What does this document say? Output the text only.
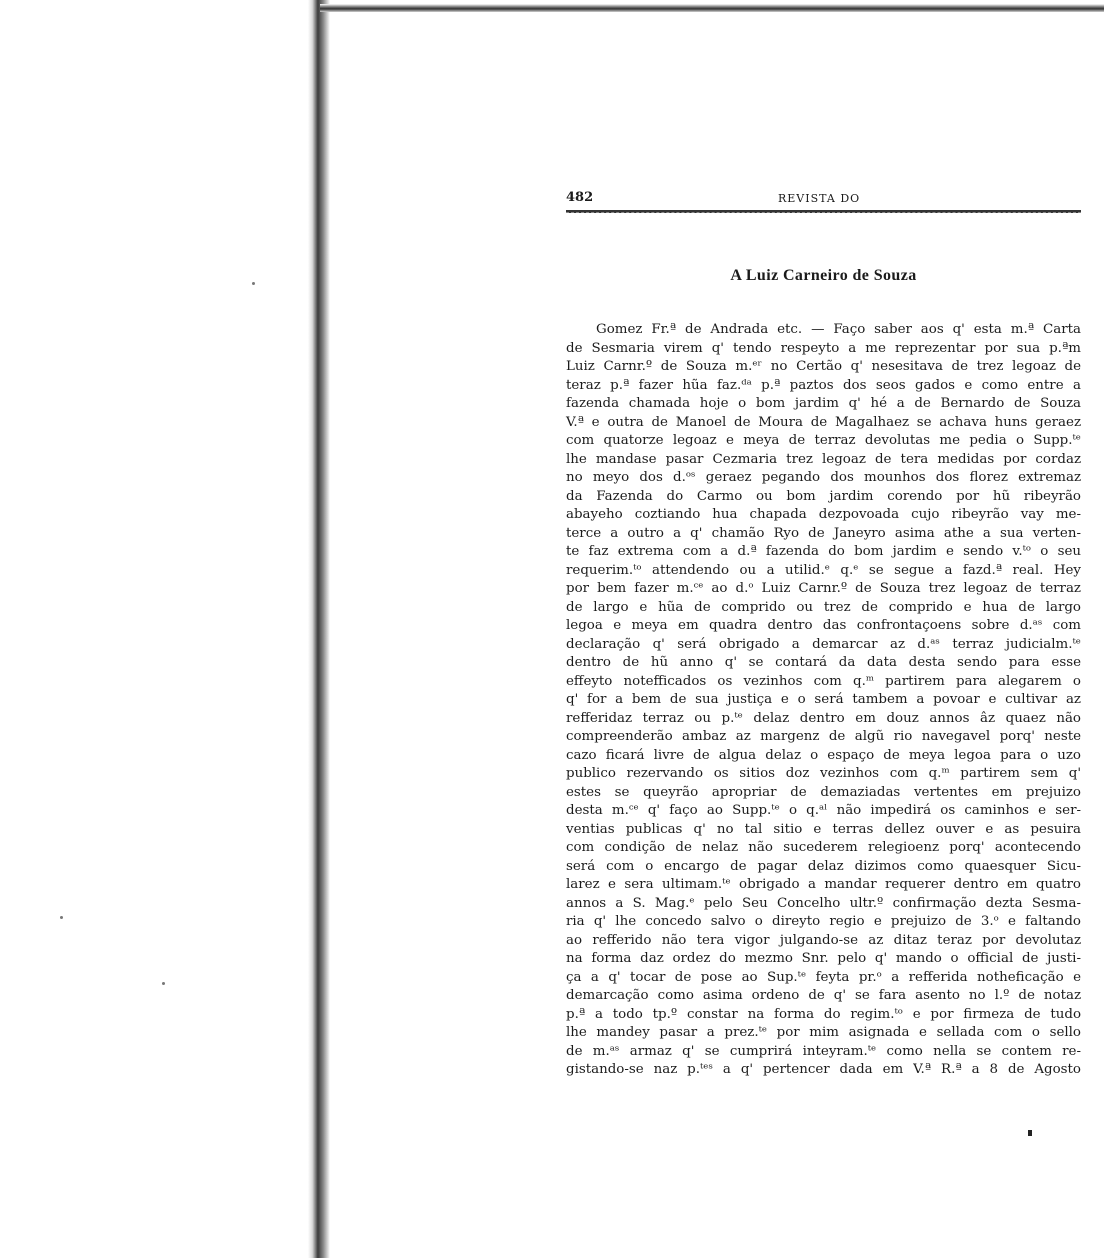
482	REVISTA DO
A Luiz Carneiro de Souza
Gomez Fr.ª de Andrada etc. — Faço saber aos q' esta m.ª Carta
de Sesmaria virem q' tendo respeyto a me reprezentar por sua p.ªm
Luiz Carnr.º de Souza m.ᵉʳ no Certão q' nesesitava de trez legoaz de
teraz p.ª fazer hũa faz.ᵈᵃ p.ª paztos dos seos gados e como entre a
fazenda chamada hoje o bom jardim q' hé a de Bernardo de Souza
V.ª e outra de Manoel de Moura de Magalhaez se achava huns geraez
com quatorze legoaz e meya de terraz devolutas me pedia o Supp.ᵗᵉ
lhe mandase pasar Cezmaria trez legoaz de tera medidas por cordaz
no meyo dos d.ᵒˢ geraez pegando dos mounhos dos florez extremaz
da Fazenda do Carmo ou bom jardim corendo por hũ ribeyrão
abayeho coztiando hua chapada dezpovoada cujo ribeyrão vay me-
terce a outro a q' chamão Ryo de Janeyro asima athe a sua verten-
te faz extrema com a d.ª fazenda do bom jardim e sendo v.ᵗᵒ o seu
requerim.ᵗᵒ attendendo ou a utilid.ᵉ q.ᵉ se segue a fazd.ª real. Hey
por bem fazer m.ᶜᵉ ao d.ᵒ Luiz Carnr.º de Souza trez legoaz de terraz
de largo e hũa de comprido ou trez de comprido e hua de largo
legoa e meya em quadra dentro das confrontaçoens sobre d.ᵃˢ com
declaração q' será obrigado a demarcar az d.ᵃˢ terraz judicialm.ᵗᵉ
dentro de hũ anno q' se contará da data desta sendo para esse
effeyto notefficados os vezinhos com q.ᵐ partirem para alegarem o
q' for a bem de sua justiça e o será tambem a povoar e cultivar az
refferidaz terraz ou p.ᵗᵉ delaz dentro em douz annos âz quaez não
compreenderão ambaz az margenz de algũ rio navegavel porq' neste
cazo ficará livre de algua delaz o espaço de meya legoa para o uzo
publico rezervando os sitios doz vezinhos com q.ᵐ partirem sem q'
estes se queyrão apropriar de demaziadas vertentes em prejuizo
desta m.ᶜᵉ q' faço ao Supp.ᵗᵉ o q.ᵃˡ não impedirá os caminhos e ser-
ventias publicas q' no tal sitio e terras dellez ouver e as pesuira
com condição de nelaz não sucederem relegioenz porq' acontecendo
será com o encargo de pagar delaz dizimos como quaesquer Sicu-
larez e sera ultimam.ᵗᵉ obrigado a mandar requerer dentro em quatro
annos a S. Mag.ᵉ pelo Seu Concelho ultr.º confirmação dezta Sesma-
ria q' lhe concedo salvo o direyto regio e prejuizo de 3.ᵒ e faltando
ao refferido não tera vigor julgando-se az ditaz teraz por devolutaz
na forma daz ordez do mezmo Snr. pelo q' mando o official de justi-
ça a q' tocar de pose ao Sup.ᵗᵉ feyta pr.ᵒ a refferida notheficação e
demarcação como asima ordeno de q' se fara asento no l.º de notaz
p.ª a todo tp.º constar na forma do regim.ᵗᵒ e por firmeza de tudo
lhe mandey pasar a prez.ᵗᵉ por mim asignada e sellada com o sello
de m.ᵃˢ armaz q' se cumprirá inteyram.ᵗᵉ como nella se contem re-
gistando-se naz p.ᵗᵉˢ a q' pertencer dada em V.ª R.ª a 8 de Agosto
